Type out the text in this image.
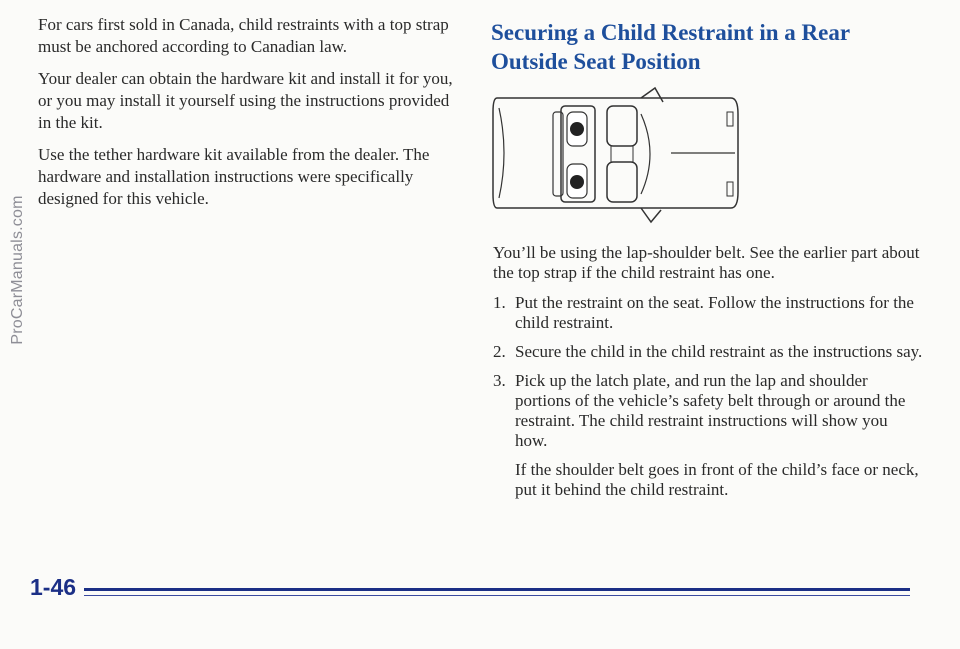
ProCarManuals.com

For cars first sold in Canada, child restraints with a top strap must be anchored according to Canadian law.

Your dealer can obtain the hardware kit and install it for you, or you may install it yourself using the instructions provided in the kit.

Use the tether hardware kit available from the dealer. The hardware and installation instructions were specifically designed for this vehicle.

Securing a Child Restraint in a Rear Outside Seat Position

You’ll be using the lap-shoulder belt. See the earlier part about the top strap if the child restraint has one.

1. Put the restraint on the seat. Follow the instructions for the child restraint.
2. Secure the child in the child restraint as the instructions say.
3. Pick up the latch plate, and run the lap and shoulder portions of the vehicle’s safety belt through or around the restraint. The child restraint instructions will show you how.

If the shoulder belt goes in front of the child’s face or neck, put it behind the child restraint.

1-46
